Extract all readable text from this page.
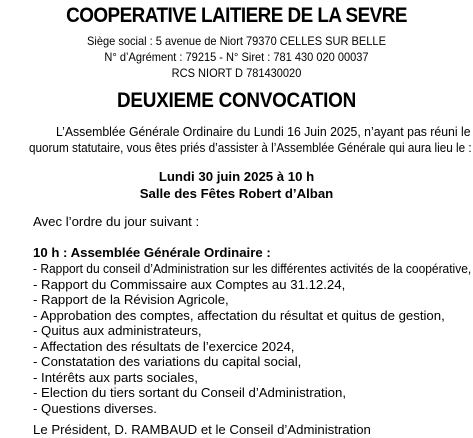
COOPERATIVE LAITIERE DE LA SEVRE
Siège social : 5 avenue de Niort 79370 CELLES SUR BELLE
N° d’Agrément : 79215 - N° Siret : 781 430 020 00037
RCS NIORT D 781430020
DEUXIEME CONVOCATION
L’Assemblée Générale Ordinaire du Lundi 16 Juin 2025, n’ayant pas réuni le
quorum statutaire, vous êtes priés d’assister à l’Assemblée Générale qui aura lieu le :
Lundi 30 juin 2025 à 10 h
Salle des Fêtes Robert d’Alban
Avec l’ordre du jour suivant :
10 h : Assemblée Générale Ordinaire :
- Rapport du conseil d’Administration sur les différentes activités de la coopérative,
- Rapport du Commissaire aux Comptes au 31.12.24,
- Rapport de la Révision Agricole,
- Approbation des comptes, affectation du résultat et quitus de gestion,
- Quitus aux administrateurs,
- Affectation des résultats de l’exercice 2024,
- Constatation des variations du capital social,
- Intérêts aux parts sociales,
- Election du tiers sortant du Conseil d’Administration,
- Questions diverses.
Le Président, D. RAMBAUD et le Conseil d’Administration
